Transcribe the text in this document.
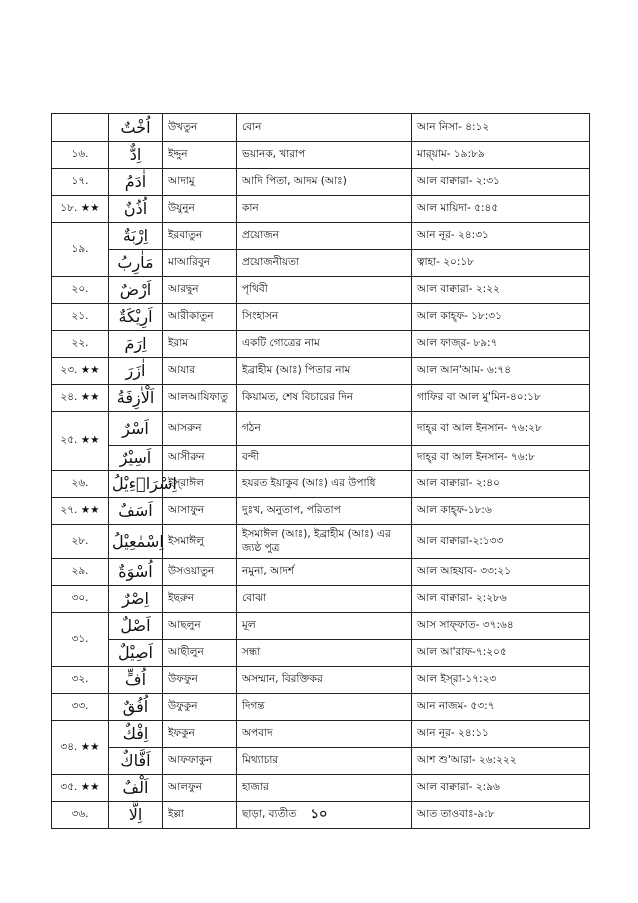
	اُخْتٌ	উখতুন	বোন	আন নিসা- ৪:১২
১৬.	اِدٌّ	ইদ্দুন	ভয়ানক, খারাপ	মার্‌য়াম- ১৯:৮৯
১৭.	اٰدَمُ	আদামু	আদি পিতা, আদম (আঃ)	আল বাক্বারা- ২:৩১
১৮. ★★	اُذُنٌ	উযুনুন	কান	আল মায়িদা- ৫:৪৫
১৯.	اِرْبَةٌ	ইরবাতুন	প্রয়োজন	আন নূর- ২৪:৩১
	مَاٰرِبُ	মাআরিবুন	প্রয়োজনীয়তা	ত্বাহা- ২০:১৮
২০.	اَرْضٌ	আরদ্বুন	পৃথিবী	আল বাক্বারা- ২:২২
২১.	اَرِيْكَةٌ	আরীকাতুন	সিংহাসন	আল কাহ্‌ফ- ১৮:৩১
২২.	اِرَمَ	ইরাম	একটি গোত্রের নাম	আল ফাজ্‌র- ৮৯:৭
২৩. ★★	اٰزَرَ	আযার	ইব্রাহীম (আঃ) পিতার নাম	আল আন'আম- ৬:৭৪
২৪. ★★	اَلْاٰزِفَةُ	আলআযিফাতু	কিয়ামত, শেষ বিচারের দিন	গাফির বা আল মু'মিন-৪০:১৮
২৫. ★★	اَسْرٌ	আসরুন	গঠন	দাহ্‌র বা আল ইনসান- ৭৬:২৮
	اَسِيْرٌ	আসীরুন	বন্দী	দাহ্‌র বা আল ইনসান- ৭৬:৮
২৬.	اِسْرَاۤءِيْلُ	ইস্‌রাঈল	হযরত ইয়াকুব (আঃ) এর উপাধি	আল বাক্বারা- ২:৪০
২৭. ★★	اَسَفٌ	আসাফুন	দুঃখ, অনুতাপ, পরিতাপ	আল কাহ্‌ফ-১৮:৬
২৮.	اِسْمٰعِيْلُ	ইসমাঈলু	ইসমাঈল (আঃ), ইব্রাহীম (আঃ) এর জ্যষ্ঠ পুত্র	আল বাক্বারা-২:১৩৩
২৯.	اُسْوَةٌ	উসওয়াতুন	নমুনা, আদর্শ	আল আহযাব- ৩৩:২১
৩০.	اِصْرٌ	ইছরুন	বোঝা	আল বাক্বারা- ২:২৮৬
৩১.	اَصْلٌ	আছলুন	মূল	আস সাফ্‌ফাত- ৩৭:৬৪
	اَصِيْلٌ	আছীলুন	সন্ধা	আল আ'রাফ-৭:২০৫
৩২.	اُفٍّ	উফফুন	অসম্মান, বিরক্তিকর	আল ইস্‌রা-১৭:২৩
৩৩.	اُفُقٌ	উফুকুন	দিগন্ত	আন নাজম- ৫৩:৭
৩৪. ★★	اِفْكٌ	ইফকুন	অপবাদ	আন নূর- ২৪:১১
	اَفَّاكٌ	আফফাকুন	মিথ্যাচার	আশ শু'আরা- ২৬:২২২
৩৫. ★★	اَلْفٌ	আলফুন	হাজার	আল বাক্বারা- ২:৯৬
৩৬.	اِلَّا	ইল্লা	ছাড়া, ব্যতীত	আত তাওবাঃ-৯:৮
১০
